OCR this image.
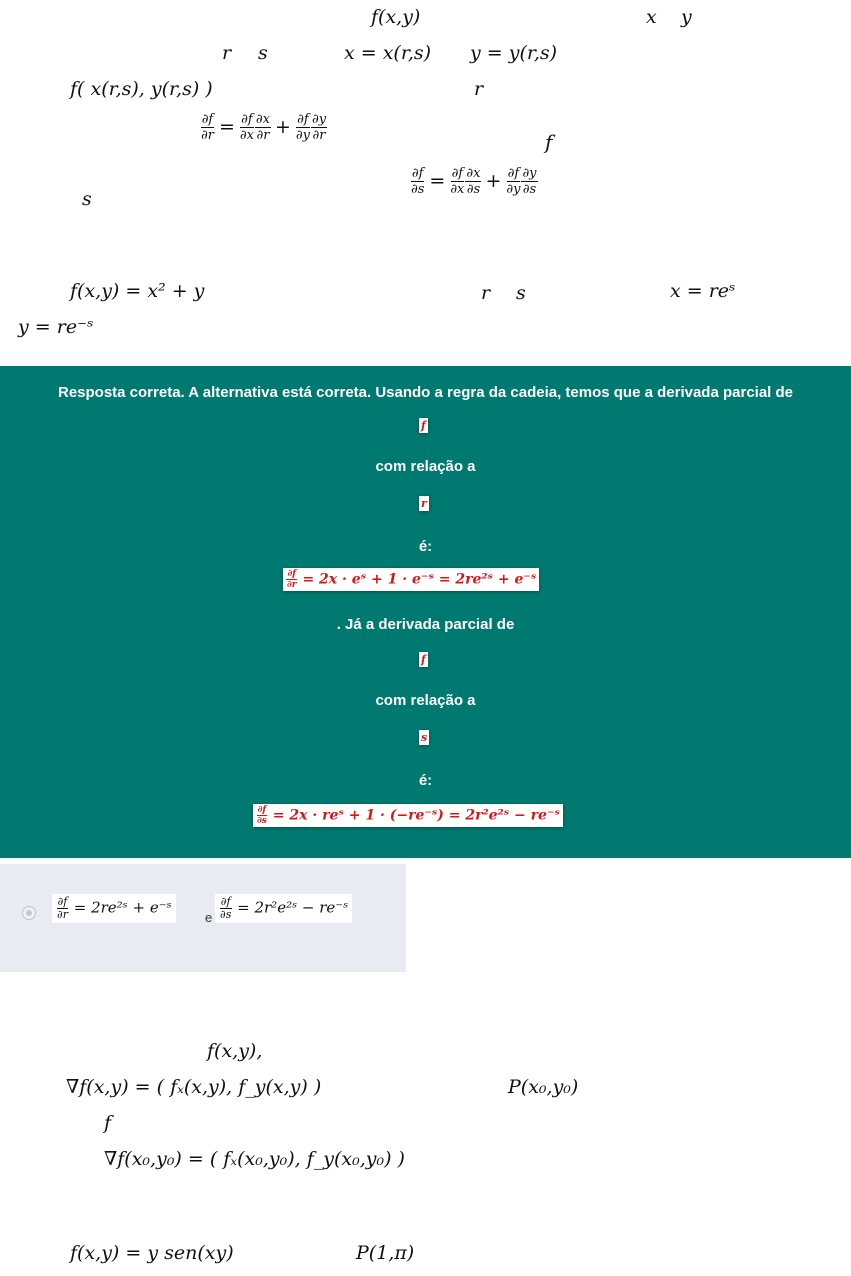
f(x,y)	x y
r s	x = x(r,s) y = y(r,s)
f( x(r,s), y(r,s) )	r
$\frac{\partial f}{\partial r} = \frac{\partial f}{\partial x} \frac{\partial x}{\partial r} + \frac{\partial f}{\partial y} \frac{\partial y}{\partial r}$	f
s
$\frac{\partial f}{\partial s} = \frac{\partial f}{\partial x} \frac{\partial x}{\partial s} + \frac{\partial f}{\partial y} \frac{\partial y}{\partial s}$
f(x,y) = x² + y	r s	x = reˢ
y = re⁻ˢ
Resposta correta. A alternativa está correta. Usando a regra da cadeia, temos que a derivada parcial de
f
com relação a
r
é:
$\frac{\partial f}{\partial r} = 2x$ · eˢ + 1 · e⁻ˢ = 2re²ˢ + e⁻ˢ
. Já a derivada parcial de
f
com relação a
s
é:
$\frac{\partial f}{\partial s} = 2x$ · reˢ + 1 · (−re⁻ˢ) = 2r²e²ˢ − re⁻ˢ
$\frac{\partial f}{\partial r}$ = 2re²ˢ + e⁻ˢ
e $\frac{\partial f}{\partial s}$ = 2r²e²ˢ − re⁻ˢ
f(x,y),
∇f(x,y) = ( fₓ(x,y), f_y(x,y) )	P(x₀,y₀)
f
∇f(x₀,y₀) = ( fₓ(x₀,y₀), f_y(x₀,y₀) )
f(x,y) = y sen(xy)	P(1,π)
